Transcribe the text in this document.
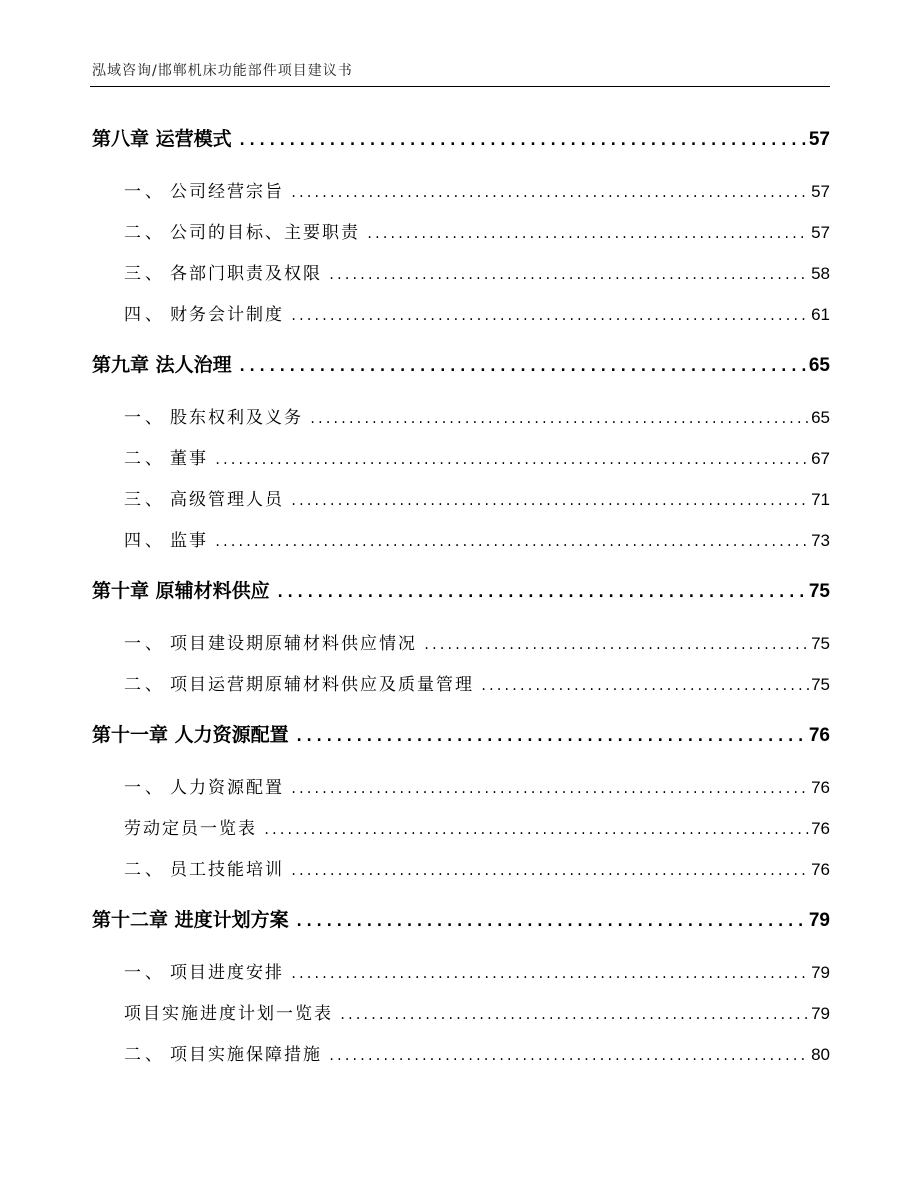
泓域咨询/邯郸机床功能部件项目建议书
第八章 运营模式 .....	57
一、 公司经营宗旨 .....	57
二、 公司的目标、主要职责 .....	57
三、 各部门职责及权限 .....	58
四、 财务会计制度 .....	61
第九章 法人治理 .....	65
一、 股东权利及义务 .....	65
二、 董事 .....	67
三、 高级管理人员 .....	71
四、 监事 .....	73
第十章 原辅材料供应 .....	75
一、 项目建设期原辅材料供应情况 .....	75
二、 项目运营期原辅材料供应及质量管理 .....	75
第十一章 人力资源配置 .....	76
一、 人力资源配置 .....	76
劳动定员一览表 .....	76
二、 员工技能培训 .....	76
第十二章 进度计划方案 .....	79
一、 项目进度安排 .....	79
项目实施进度计划一览表 .....	79
二、 项目实施保障措施 .....	80
